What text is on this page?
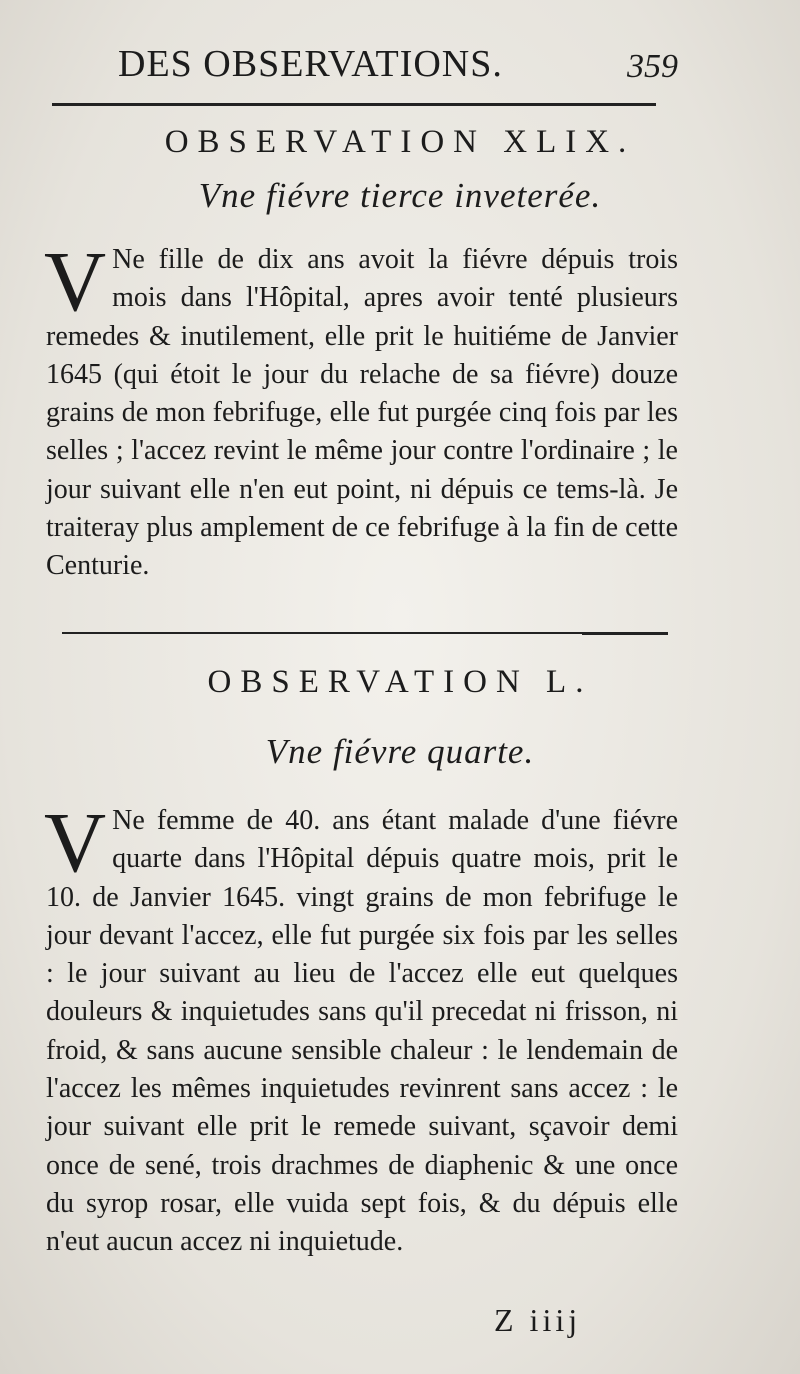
DES OBSERVATIONS.	359
OBSERVATION XLIX.
Vne fiévre tierce inveterée.
V Ne fille de dix ans avoit la fiévre dépuis trois mois dans l'Hôpital, apres avoir tenté plusieurs remedes & inutilement, elle prit le huitiéme de Janvier 1645 (qui étoit le jour du relache de sa fiévre) douze grains de mon febrifuge, elle fut purgée cinq fois par les selles ; l'accez revint le même jour contre l'ordinaire ; le jour suivant elle n'en eut point, ni dépuis ce tems-là. Je traiteray plus amplement de ce febrifuge à la fin de cette Centurie.
OBSERVATION L.
Vne fiévre quarte.
V Ne femme de 40. ans étant malade d'une fiévre quarte dans l'Hôpital dépuis quatre mois, prit le 10. de Janvier 1645. vingt grains de mon febrifuge le jour devant l'accez, elle fut purgée six fois par les selles : le jour suivant au lieu de l'accez elle eut quelques douleurs & inquietudes sans qu'il precedat ni frisson, ni froid, & sans aucune sensible chaleur : le lendemain de l'accez les mêmes inquietudes revinrent sans accez : le jour suivant elle prit le remede suivant, sçavoir demi once de sené, trois drachmes de diaphenic & une once du syrop rosar, elle vuida sept fois, & du dépuis elle n'eut aucun accez ni inquietude.
Z iiij
